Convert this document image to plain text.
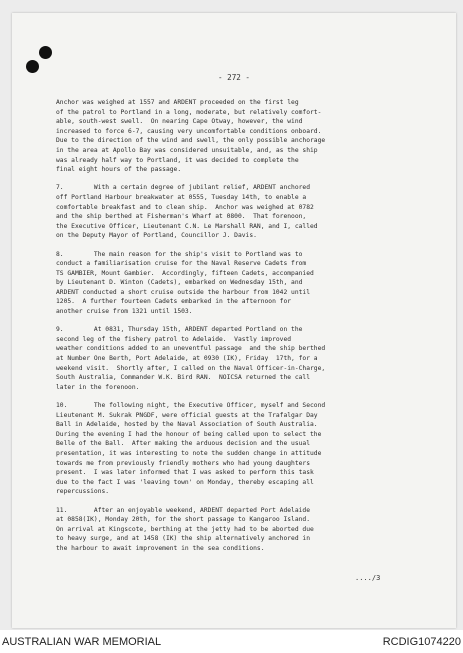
- 272 -
Anchor was weighed at 1557 and ARDENT proceeded on the first leg
of the patrol to Portland in a long, moderate, but relatively comfort-
able, south-west swell.  On nearing Cape Otway, however, the wind
increased to force 6-7, causing very uncomfortable conditions onboard.
Due to the direction of the wind and swell, the only possible anchorage
in the area at Apollo Bay was considered unsuitable, and, as the ship
was already half way to Portland, it was decided to complete the
final eight hours of the passage.
7.        With a certain degree of jubilant relief, ARDENT anchored
off Portland Harbour breakwater at 0555, Tuesday 14th, to enable a
comfortable breakfast and to clean ship.  Anchor was weighed at 0782
and the ship berthed at Fisherman's Wharf at 0800.  That forenoon,
the Executive Officer, Lieutenant C.N. Le Marshall RAN, and I, called
on the Deputy Mayor of Portland, Councillor J. Davis.
8.        The main reason for the ship's visit to Portland was to
conduct a familiarisation cruise for the Naval Reserve Cadets from
TS GAMBIER, Mount Gambier.  Accordingly, fifteen Cadets, accompanied
by Lieutenant D. Winton (Cadets), embarked on Wednesday 15th, and
ARDENT conducted a short cruise outside the harbour from 1042 until
1205.  A further fourteen Cadets embarked in the afternoon for
another cruise from 1321 until 1503.
9.        At 0831, Thursday 15th, ARDENT departed Portland on the
second leg of the fishery patrol to Adelaide.  Vastly improved
weather conditions added to an uneventful passage  and the ship berthed
at Number One Berth, Port Adelaide, at 0930 (IK), Friday  17th, for a
weekend visit.  Shortly after, I called on the Naval Officer-in-Charge,
South Australia, Commander W.K. Bird RAN.  NOICSA returned the call
later in the forenoon.
10.       The following night, the Executive Officer, myself and Second
Lieutenant M. Sukrak PNGDF, were official guests at the Trafalgar Day
Ball in Adelaide, hosted by the Naval Association of South Australia.
During the evening I had the honour of being called upon to select the
Belle of the Ball.  After making the arduous decision and the usual
presentation, it was interesting to note the sudden change in attitude
towards me from previously friendly mothers who had young daughters
present.  I was later informed that I was asked to perform this task
due to the fact I was 'leaving town' on Monday, thereby escaping all
repercussions.
11.       After an enjoyable weekend, ARDENT departed Port Adelaide
at 0858(IK), Monday 20th, for the short passage to Kangaroo Island.
On arrival at Kingscote, berthing at the jetty had to be aborted due
to heavy surge, and at 1458 (IK) the ship alternatively anchored in
the harbour to await improvement in the sea conditions.
..../3
AUSTRALIAN WAR MEMORIAL	RCDIG1074220
